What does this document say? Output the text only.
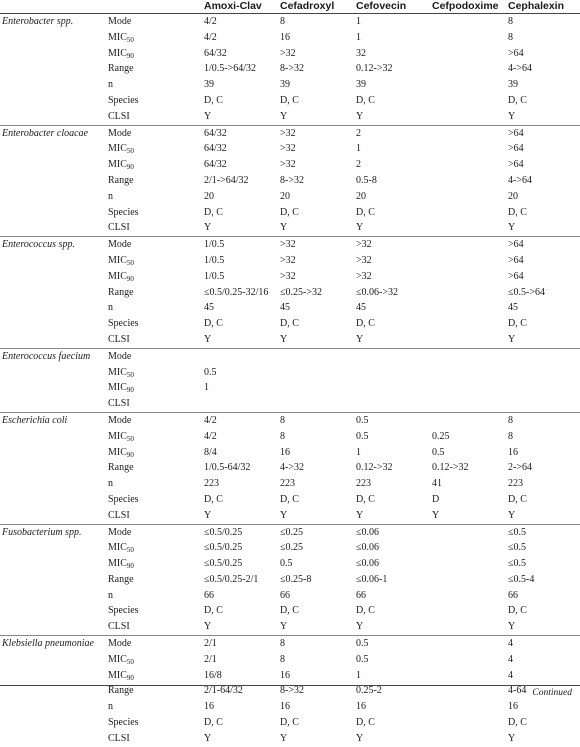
		Amoxi-Clav	Cefadroxyl	Cefovecin	Cefpodoxime	Cephalexin
Enterobacter spp.	Mode	4/2	8	1		8
	$MIC_{50}$	4/2	16	1		8
	$MIC_{90}$	64/32	>32	32		>64
	Range	1/0.5->64/32	8->32	0.12->32		4->64
	n	39	39	39		39
	Species	D, C	D, C	D, C		D, C
	CLSI	Y	Y	Y		Y
Enterobacter cloacae	Mode	64/32	>32	2		>64
	$MIC_{50}$	64/32	>32	1		>64
	$MIC_{90}$	64/32	>32	2		>64
	Range	2/1->64/32	8->32	0.5-8		4->64
	n	20	20	20		20
	Species	D, C	D, C	D, C		D, C
	CLSI	Y	Y	Y		Y
Enterococcus spp.	Mode	1/0.5	>32	>32		>64
	$MIC_{50}$	1/0.5	>32	>32		>64
	$MIC_{90}$	1/0.5	>32	>32		>64
	Range	≤0.5/0.25-32/16	≤0.25->32	≤0.06->32		≤0.5->64
	n	45	45	45		45
	Species	D, C	D, C	D, C		D, C
	CLSI	Y	Y	Y		Y
Enterococcus faecium	Mode					
	$MIC_{50}$	0.5				
	$MIC_{90}$	1				
	CLSI					
Escherichia coli	Mode	4/2	8	0.5		8
	$MIC_{50}$	4/2	8	0.5	0.25	8
	$MIC_{90}$	8/4	16	1	0.5	16
	Range	1/0.5-64/32	4->32	0.12->32	0.12->32	2->64
	n	223	223	223	41	223
	Species	D, C	D, C	D, C	D	D, C
	CLSI	Y	Y	Y	Y	Y
Fusobacterium spp.	Mode	≤0.5/0.25	≤0.25	≤0.06		≤0.5
	$MIC_{50}$	≤0.5/0.25	≤0.25	≤0.06		≤0.5
	$MIC_{90}$	≤0.5/0.25	0.5	≤0.06		≤0.5
	Range	≤0.5/0.25-2/1	≤0.25-8	≤0.06-1		≤0.5-4
	n	66	66	66		66
	Species	D, C	D, C	D, C		D, C
	CLSI	Y	Y	Y		Y
Klebsiella pneumoniae	Mode	2/1	8	0.5		4
	$MIC_{50}$	2/1	8	0.5		4
	$MIC_{90}$	16/8	16	1		4
	Range	2/1-64/32	8->32	0.25-2		4-64
	n	16	16	16		16
	Species	D, C	D, C	D, C		D, C
	CLSI	Y	Y	Y		Y
Continued
